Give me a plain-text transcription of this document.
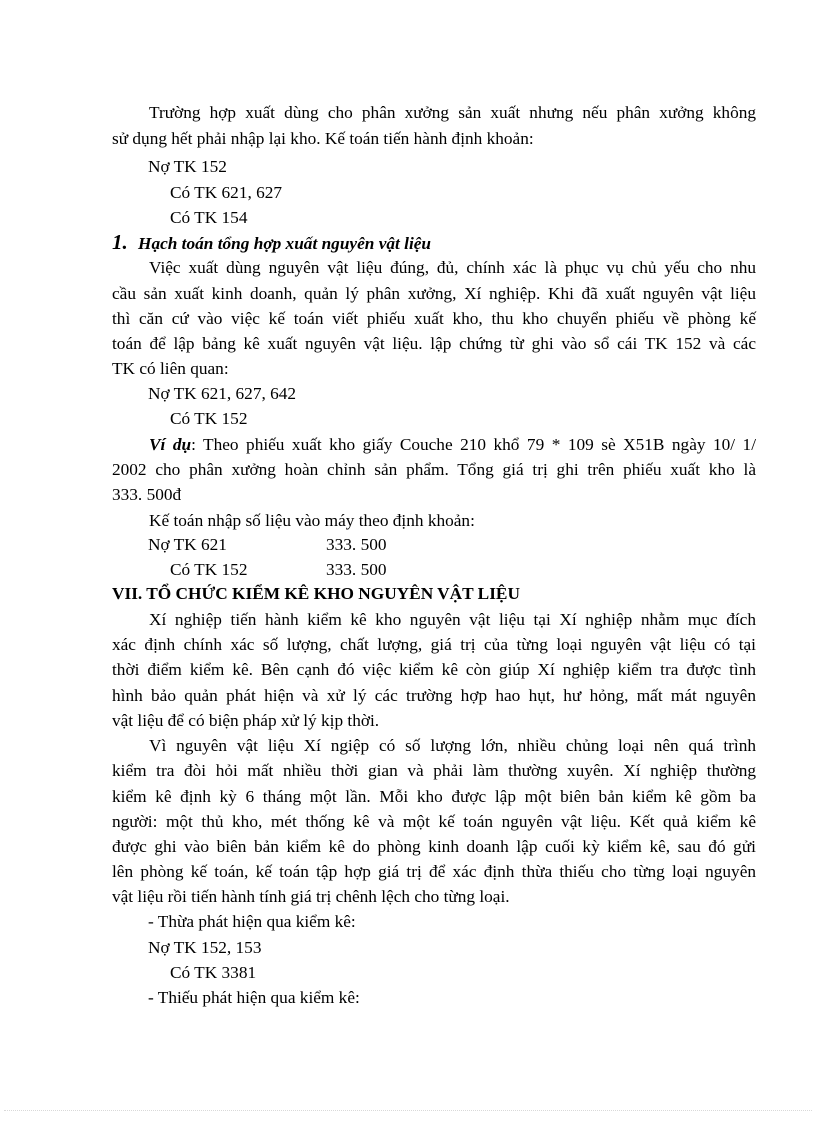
Trường hợp xuất dùng cho phân xưởng sản xuất nhưng nếu phân xưởng không
sử dụng hết phải nhập lại kho. Kế toán tiến hành định khoản:
Nợ TK 152
Có TK 621, 627
Có TK 154
1. Hạch toán tổng hợp xuất nguyên vật liệu
Việc xuất dùng nguyên vật liệu đúng, đủ, chính xác là phục vụ chủ yếu cho nhu
cầu sản xuất kinh doanh, quản lý phân xưởng, Xí nghiệp. Khi đã xuất nguyên vật liệu
thì căn cứ vào việc kế toán viết phiếu xuất kho, thu kho chuyển phiếu về phòng kế
toán để lập bảng kê xuất nguyên vật liệu. lập chứng từ ghi vào sổ cái TK 152 và các
TK có liên quan:
Nợ TK 621, 627, 642
Có TK 152
Ví dụ: Theo phiếu xuất kho giấy Couche 210 khổ 79 * 109 sè X51B ngày 10/ 1/
2002 cho phân xưởng hoàn chỉnh sản phẩm. Tổng giá trị ghi trên phiếu xuất kho là
333. 500đ
Kế toán nhập số liệu vào máy theo định khoản:
Nợ TK 621	333. 500
Có TK 152	333. 500
VII. TỔ CHỨC KIỂM KÊ KHO NGUYÊN VẬT LIỆU
Xí nghiệp tiến hành kiểm kê kho nguyên vật liệu tại Xí nghiệp nhằm mục đích
xác định chính xác số lượng, chất lượng, giá trị của từng loại nguyên vật liệu có tại
thời điểm kiểm kê. Bên cạnh đó việc kiểm kê còn giúp Xí nghiệp kiểm tra được tình
hình bảo quản phát hiện và xử lý các trường hợp hao hụt, hư hỏng, mất mát nguyên
vật liệu để có biện pháp xử lý kịp thời.
Vì nguyên vật liệu Xí ngiệp có số lượng lớn, nhiều chủng loại nên quá trình
kiểm tra đòi hỏi mất nhiều thời gian và phải làm thường xuyên. Xí nghiệp thường
kiểm kê định kỳ 6 tháng một lần. Mỗi kho được lập một biên bản kiểm kê gồm ba
người: một thủ kho, mét thống kê và một kế toán nguyên vật liệu. Kết quả kiểm kê
được ghi vào biên bản kiểm kê do phòng kinh doanh lập cuối kỳ kiểm kê, sau đó gửi
lên phòng kế toán, kế toán tập hợp giá trị để xác định thừa thiếu cho từng loại nguyên
vật liệu rồi tiến hành tính giá trị chênh lệch cho từng loại.
- Thừa phát hiện qua kiểm kê:
Nợ TK 152, 153
Có TK 3381
- Thiếu phát hiện qua kiểm kê:
